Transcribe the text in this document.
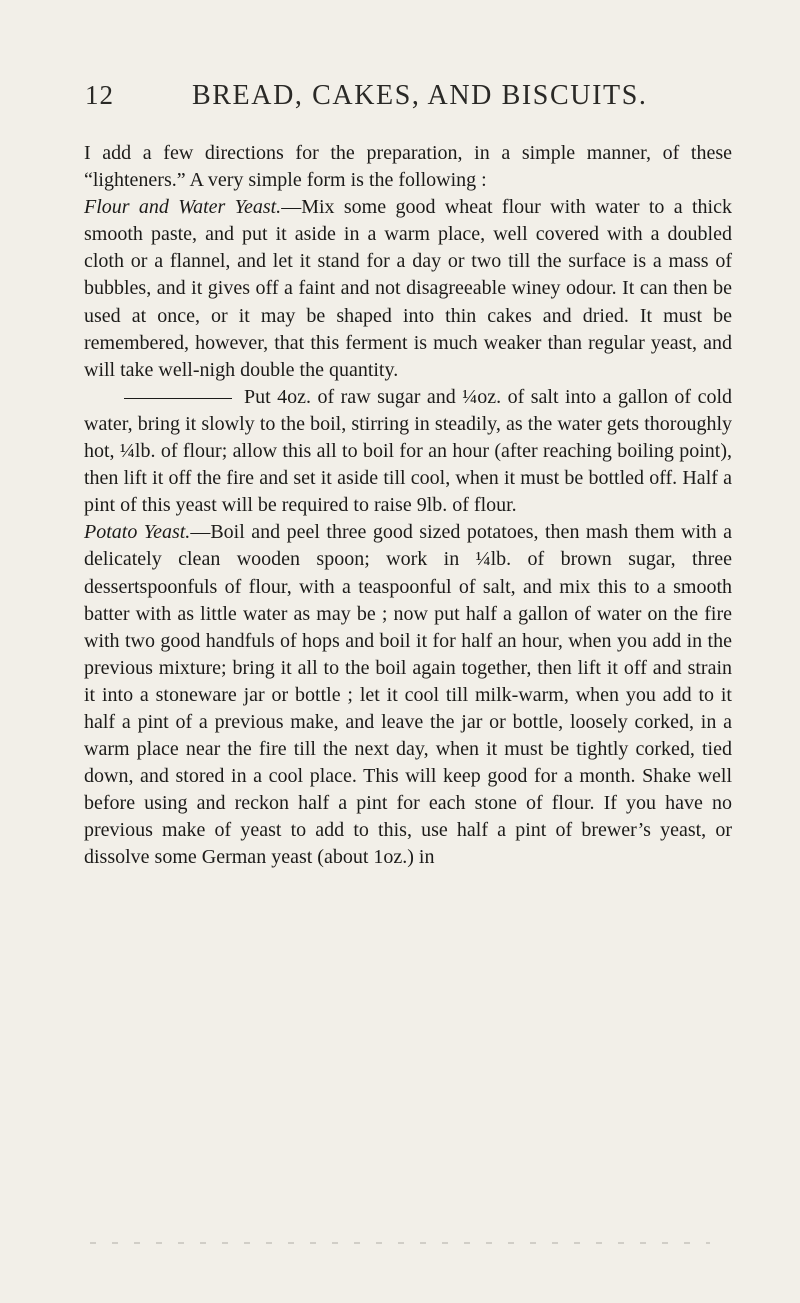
12	BREAD, CAKES, AND BISCUITS.

I add a few directions for the preparation, in a simple manner, of these “lighteners.” A very simple form is the following :

Flour and Water Yeast.—Mix some good wheat flour with water to a thick smooth paste, and put it aside in a warm place, well covered with a doubled cloth or a flannel, and let it stand for a day or two till the surface is a mass of bubbles, and it gives off a faint and not disagreeable winey odour. It can then be used at once, or it may be shaped into thin cakes and dried. It must be remembered, however, that this ferment is much weaker than regular yeast, and will take well-nigh double the quantity.

Put 4oz. of raw sugar and ¼oz. of salt into a gallon of cold water, bring it slowly to the boil, stirring in steadily, as the water gets thoroughly hot, ¼lb. of flour; allow this all to boil for an hour (after reaching boiling point), then lift it off the fire and set it aside till cool, when it must be bottled off. Half a pint of this yeast will be required to raise 9lb. of flour.

Potato Yeast.—Boil and peel three good sized potatoes, then mash them with a delicately clean wooden spoon; work in ¼lb. of brown sugar, three dessertspoonfuls of flour, with a teaspoonful of salt, and mix this to a smooth batter with as little water as may be ; now put half a gallon of water on the fire with two good handfuls of hops and boil it for half an hour, when you add in the previous mixture; bring it all to the boil again together, then lift it off and strain it into a stoneware jar or bottle ; let it cool till milk-warm, when you add to it half a pint of a previous make, and leave the jar or bottle, loosely corked, in a warm place near the fire till the next day, when it must be tightly corked, tied down, and stored in a cool place. This will keep good for a month. Shake well before using and reckon half a pint for each stone of flour. If you have no previous make of yeast to add to this, use half a pint of brewer’s yeast, or dissolve some German yeast (about 1oz.) in
